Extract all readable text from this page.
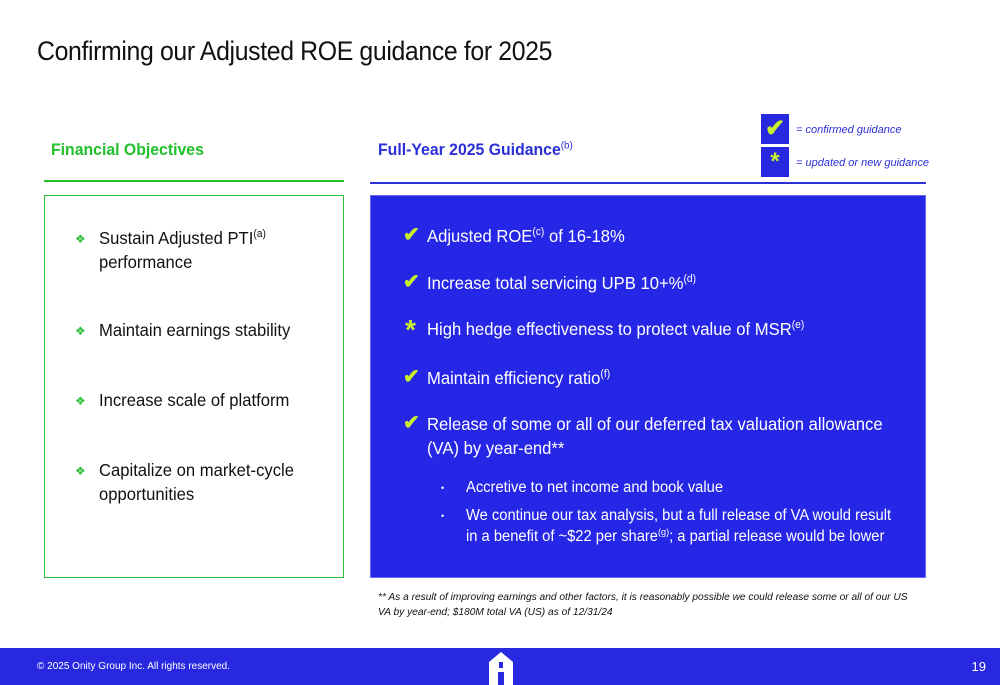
Confirming our Adjusted ROE guidance for 2025
Financial Objectives
❖ Sustain Adjusted PTI$^{(a)}$ performance
❖ Maintain earnings stability
❖ Increase scale of platform
❖ Capitalize on market-cycle opportunities
Full-Year 2025 Guidance$^{(b)}$
✔ = confirmed guidance
*	= updated or new guidance
✔ Adjusted ROE$^{(c)}$ of 16-18%
✔ Increase total servicing UPB 10+%$^{(d)}$
* High hedge effectiveness to protect value of MSR$^{(e)}$
✔ Maintain efficiency ratio$^{(f)}$
✔ Release of some or all of our deferred tax valuation allowance (VA) by year-end**
•	Accretive to net income and book value
•	We continue our tax analysis, but a full release of VA would result in a benefit of ~$22 per share$^{(g)}$; a partial release would be lower
** As a result of improving earnings and other factors, it is reasonably possible we could release some or all of our US VA by year-end; $180M total VA (US) as of 12/31/24
© 2025 Onity Group Inc. All rights reserved.	19
